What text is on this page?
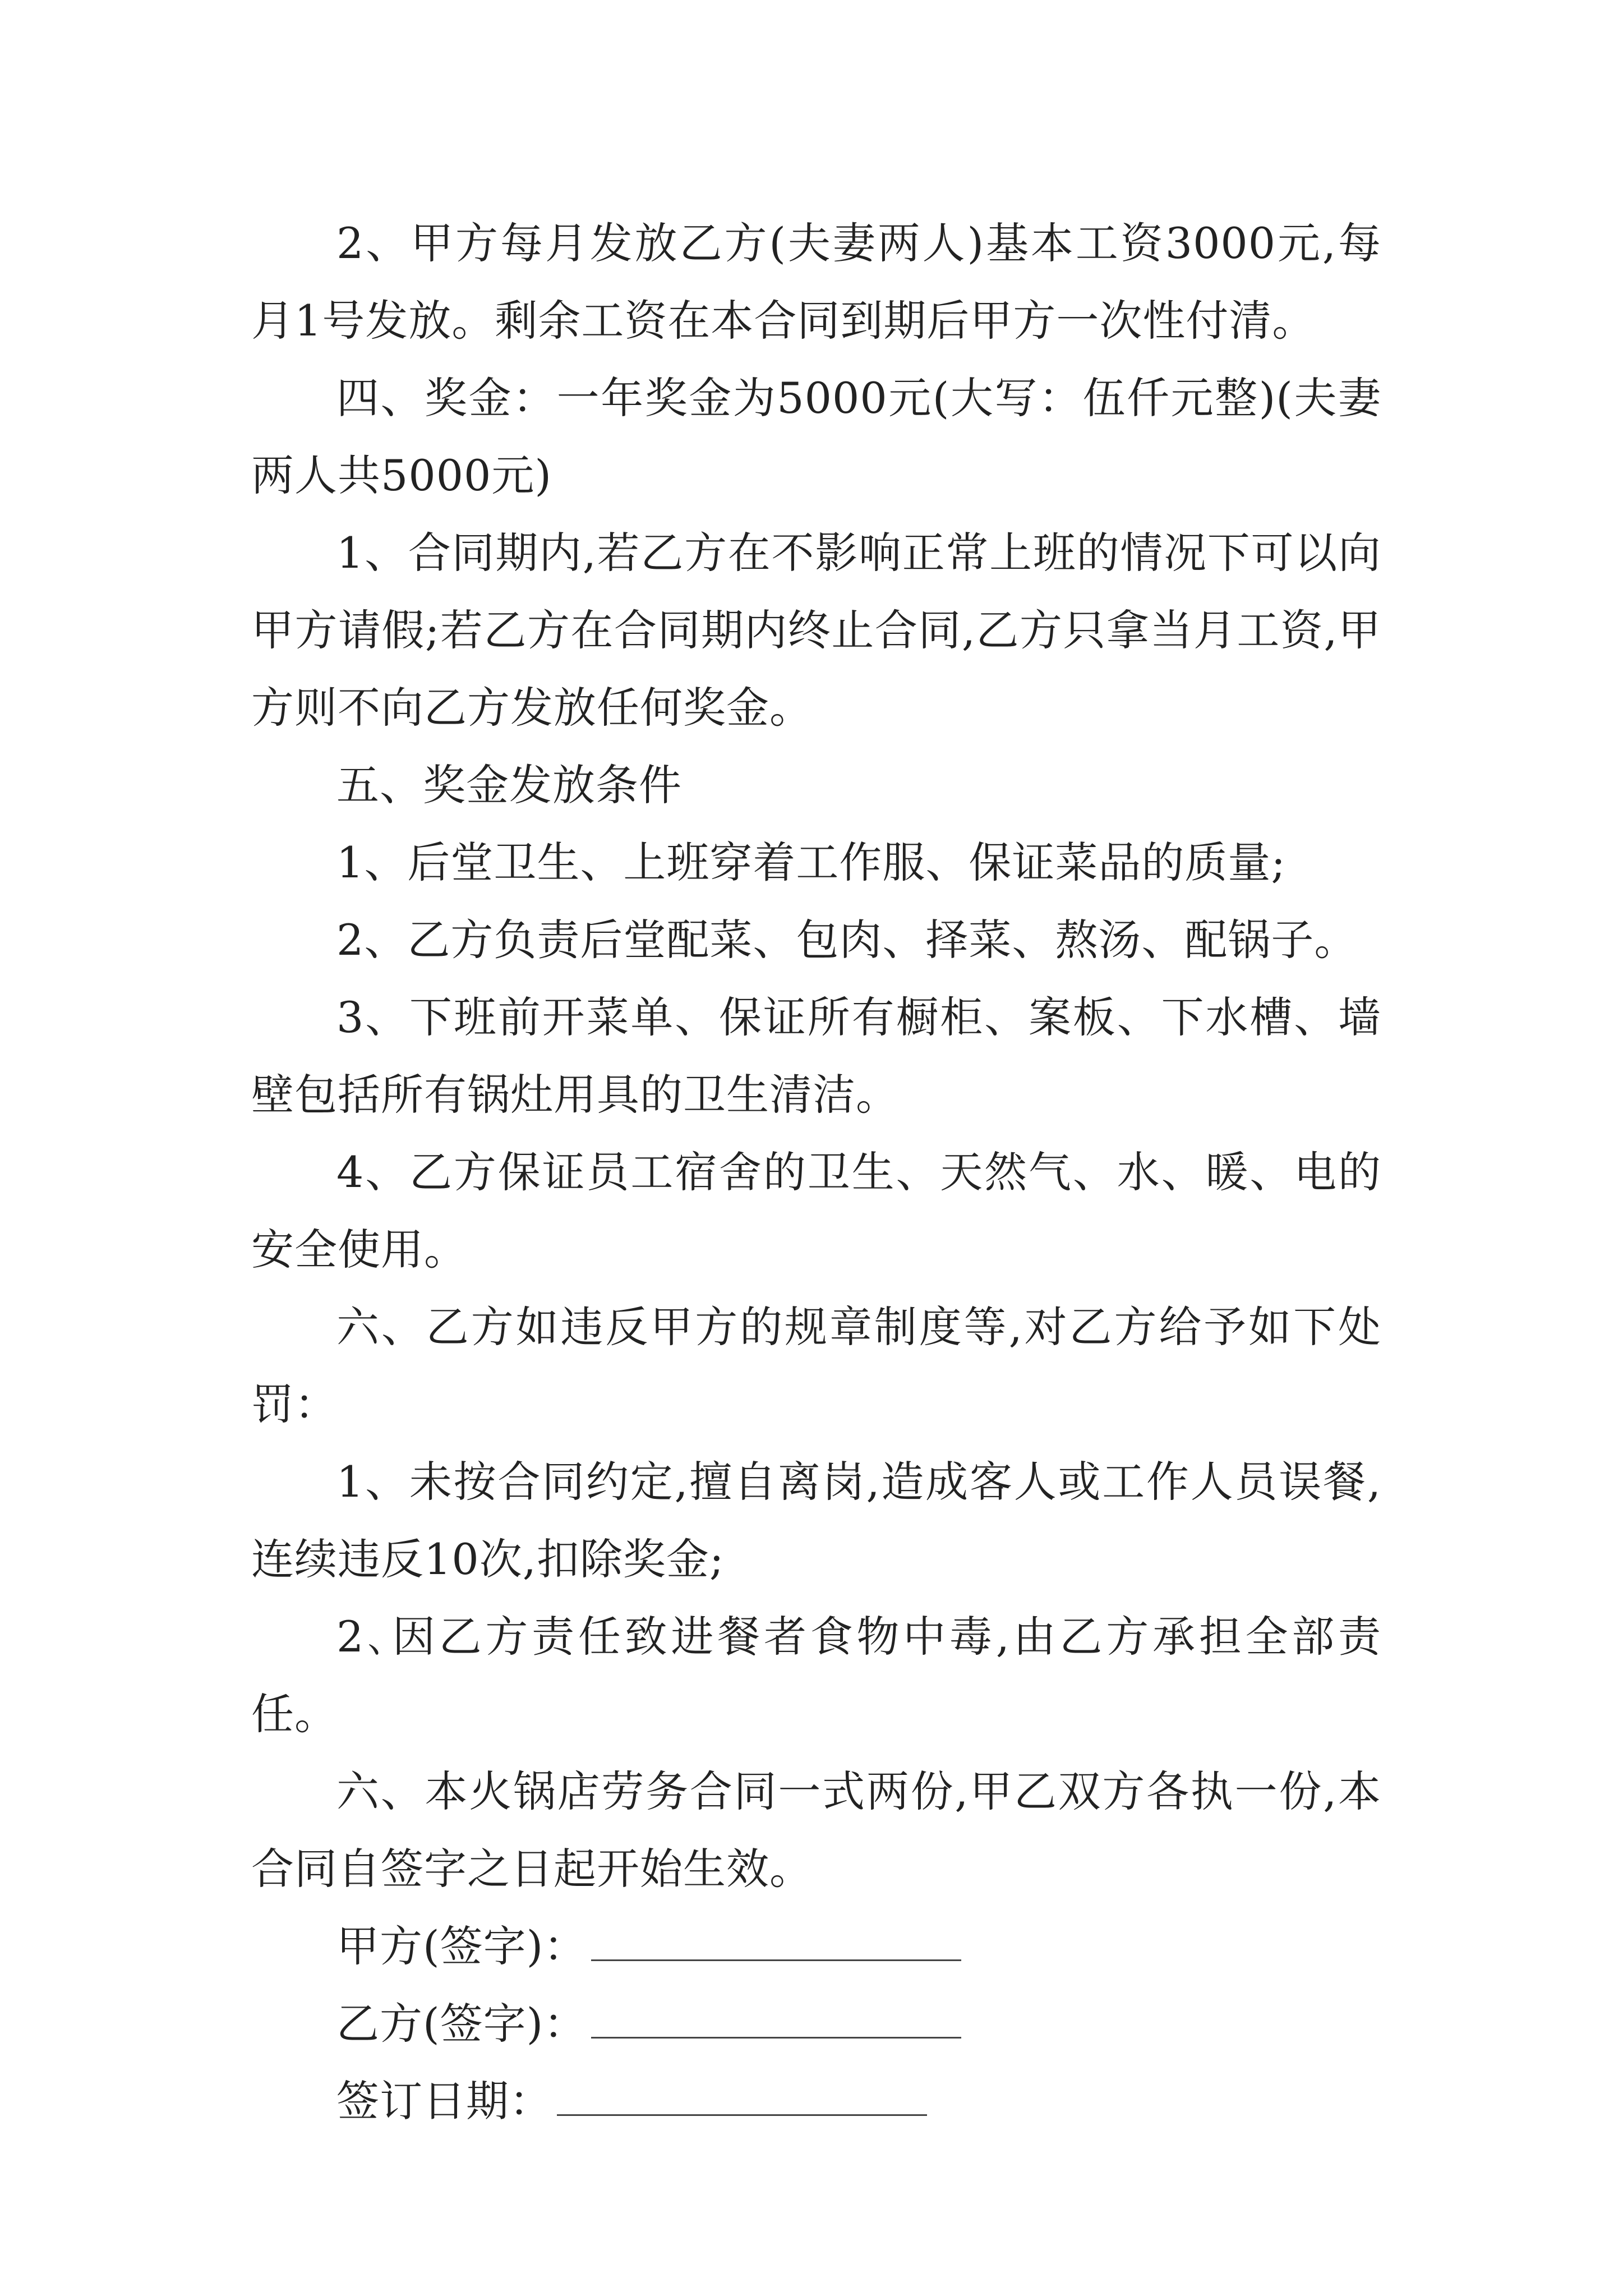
2、甲方每月发放乙方(夫妻两人)基本工资3000元,每月1号发放。剩余工资在本合同到期后甲方一次性付清。

四、奖金：一年奖金为5000元(大写：伍仟元整)(夫妻两人共5000元)

1、合同期内,若乙方在不影响正常上班的情况下可以向甲方请假;若乙方在合同期内终止合同,乙方只拿当月工资,甲方则不向乙方发放任何奖金。

五、奖金发放条件

1、后堂卫生、上班穿着工作服、保证菜品的质量;

2、乙方负责后堂配菜、包肉、择菜、熬汤、配锅子。

3、下班前开菜单、保证所有橱柜、案板、下水槽、墙壁包括所有锅灶用具的卫生清洁。

4、乙方保证员工宿舍的卫生、天然气、水、暖、电的安全使用。

六、乙方如违反甲方的规章制度等,对乙方给予如下处罚：

1、未按合同约定,擅自离岗,造成客人或工作人员误餐,连续违反10次,扣除奖金;

2､因乙方责任致进餐者食物中毒,由乙方承担全部责任。

六、本火锅店劳务合同一式两份,甲乙双方各执一份,本合同自签字之日起开始生效。

甲方(签字)：
乙方(签字)：
签订日期：
